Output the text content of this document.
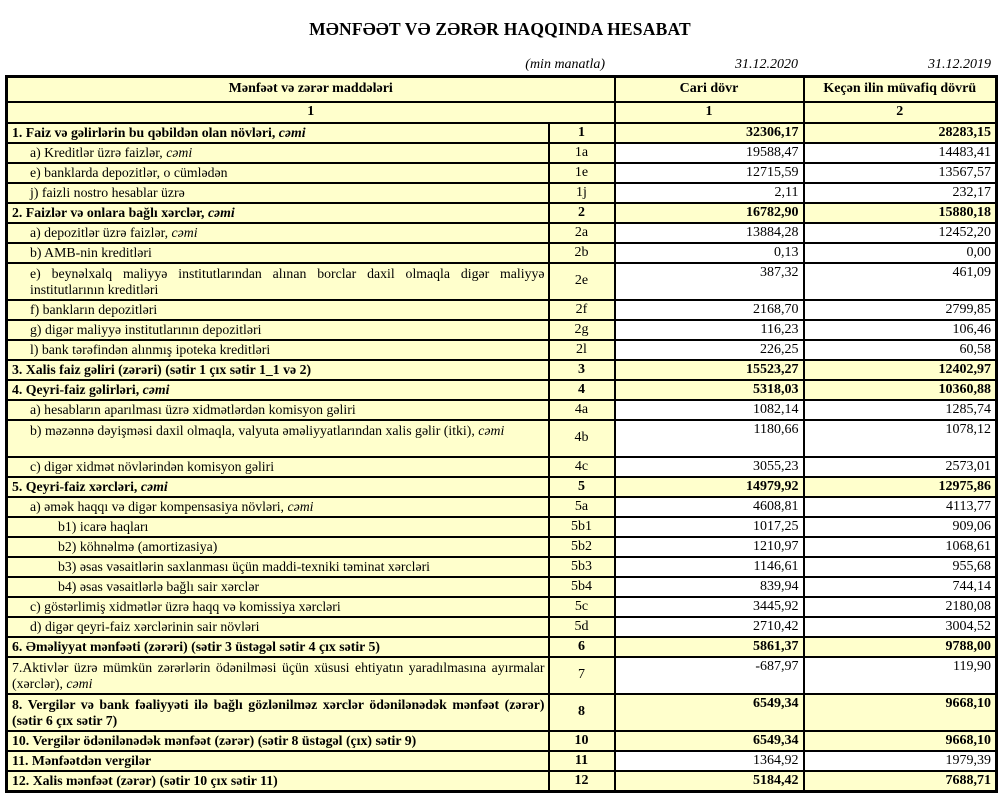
MƏNFƏƏT VƏ ZƏRƏR HAQQINDA HESABAT
(min manatla)	31.12.2020	31.12.2019
Mənfəət və zərər maddələri		Cari dövr	Keçən ilin müvafiq dövrü
1		1	2
1. Faiz və gəlirlərin bu qəbildən olan növləri, cəmi	1	32306,17	28283,15
a) Kreditlər üzrə faizlər, cəmi	1a	19588,47	14483,41
e) banklarda depozitlər, o cümlədən	1e	12715,59	13567,57
j) faizli nostro hesablar üzrə	1j	2,11	232,17
2. Faizlər və onlara bağlı xərclər, cəmi	2	16782,90	15880,18
a) depozitlər üzrə faizlər, cəmi	2a	13884,28	12452,20
b) AMB-nin kreditləri	2b	0,13	0,00
e) beynəlxalq maliyyə institutlarından alınan borclar daxil olmaqla digər maliyyə institutlarının kreditləri	2e	387,32	461,09
f) bankların depozitləri	2f	2168,70	2799,85
g) digər maliyyə institutlarının depozitləri	2g	116,23	106,46
l) bank tərəfindən alınmış ipoteka kreditləri	2l	226,25	60,58
3. Xalis faiz gəliri (zərəri) (sətir 1 çıx sətir 1_1 və 2)	3	15523,27	12402,97
4. Qeyri-faiz gəlirləri, cəmi	4	5318,03	10360,88
a) hesabların aparılması üzrə xidmətlərdən komisyon gəliri	4a	1082,14	1285,74
b) məzənnə dəyişməsi daxil olmaqla, valyuta əməliyyatlarından xalis gəlir (itki), cəmi	4b	1180,66	1078,12
c) digər xidmət növlərindən komisyon gəliri	4c	3055,23	2573,01
5. Qeyri-faiz xərcləri, cəmi	5	14979,92	12975,86
a) əmək haqqı və digər kompensasiya növləri, cəmi	5a	4608,81	4113,77
b1) icarə haqları	5b1	1017,25	909,06
b2) köhnəlmə (amortizasiya)	5b2	1210,97	1068,61
b3) əsas vəsaitlərin saxlanması üçün maddi-texniki təminat xərcləri	5b3	1146,61	955,68
b4) əsas vəsaitlərlə bağlı sair xərclər	5b4	839,94	744,14
c) göstərlimiş xidmətlər üzrə haqq və komissiya xərcləri	5c	3445,92	2180,08
d) digər qeyri-faiz xərclərinin sair növləri	5d	2710,42	3004,52
6. Əməliyyat mənfəəti (zərəri) (sətir 3 üstəgəl sətir 4 çıx sətir 5)	6	5861,37	9788,00
7.Aktivlər üzrə mümkün zərərlərin ödənilməsi üçün xüsusi ehtiyatın yaradılmasına ayırmalar (xərclər), cəmi	7	-687,97	119,90
8. Vergilər və bank fəaliyyəti ilə bağlı gözlənilməz xərclər ödənilənədək mənfəət (zərər) (sətir 6 çıx sətir 7)	8	6549,34	9668,10
10. Vergilər ödənilənədək mənfəət (zərər) (sətir 8 üstəgəl (çıx) sətir 9)	10	6549,34	9668,10
11. Mənfəətdən vergilər	11	1364,92	1979,39
12. Xalis mənfəət (zərər) (sətir 10 çıx sətir 11)	12	5184,42	7688,71
